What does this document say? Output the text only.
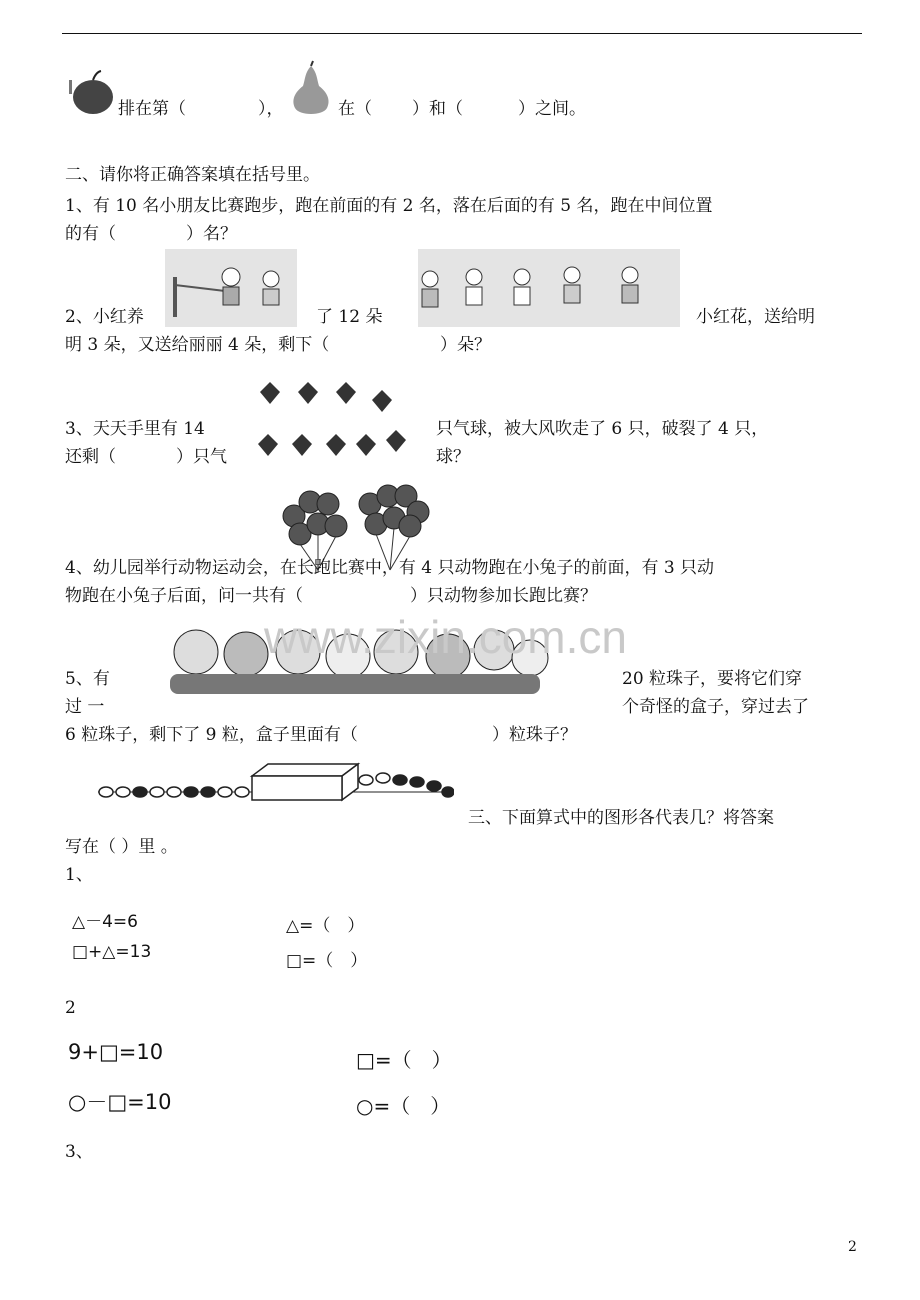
排在第（	），	在（ ）和（	）之间。
二、请你将正确答案填在括号里。
1、有 10 名小朋友比赛跑步，跑在前面的有 2 名，落在后面的有 5 名，跑在中间位置
的有（	）名？
2、小红养	了 12 朵	小红花，送给明
明 3 朵，又送给丽丽 4 朵，剩下（	）朵？
3、天天手里有 14	只气球，被大风吹走了 6 只，破裂了 4 只，
还剩（	）只气	球？
4、幼儿园举行动物运动会，在长跑比赛中，有 4 只动物跑在小兔子的前面，有 3 只动
物跑在小兔子后面，问一共有（	）只动物参加长跑比赛？
www.zixin.com.cn
5、有	20 粒珠子，要将它们穿
过 一	个奇怪的盒子，穿过去了
6 粒珠子，剩下了 9 粒，盒子里面有（	）粒珠子？
三、下面算式中的图形各代表几？将答案
写在（ ）里 。
1、
△－4=6
□+△=13
△=（　）
□=（　）
2
9+□=10
○－□=10
□=（　）
○=（　）
3、
2
